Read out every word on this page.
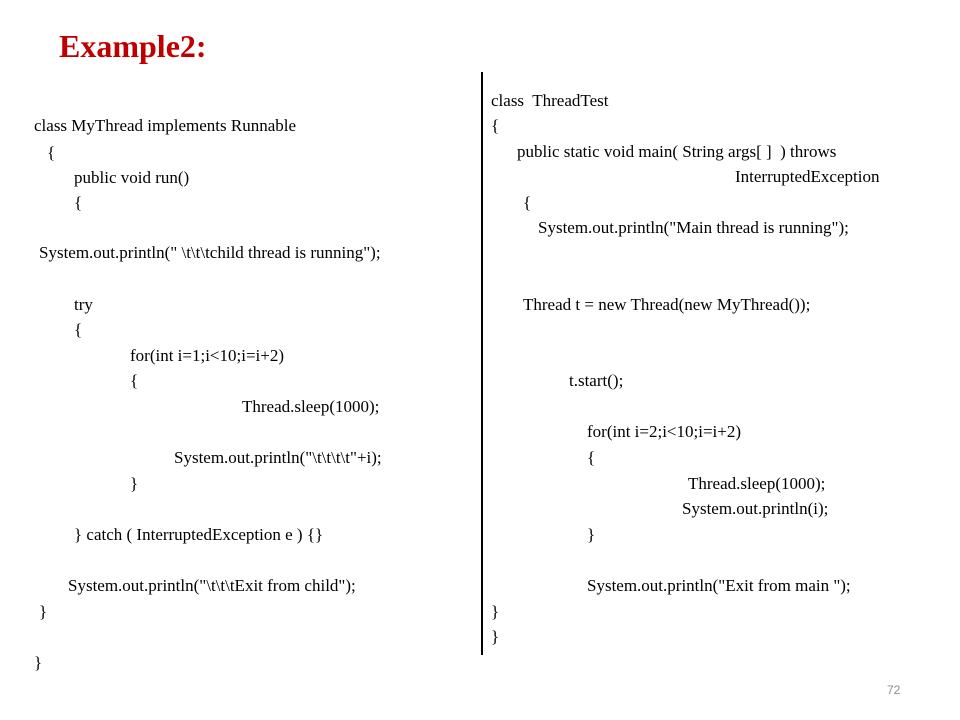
Example2:
class MyThread implements Runnable
{
public void run()
{
System.out.println(" \t\t\tchild thread is running");
try
{
for(int i=1;i<10;i=i+2)
{
Thread.sleep(1000);
System.out.println("\t\t\t\t"+i);
}
} catch ( InterruptedException e ) {}
System.out.println("\t\t\tExit from child");
}
}
class  ThreadTest
{
public static void main( String args[ ]  ) throws
InterruptedException
{
System.out.println("Main thread is running");
Thread t = new Thread(new MyThread());
t.start();
for(int i=2;i<10;i=i+2)
{
Thread.sleep(1000);
System.out.println(i);
}
System.out.println("Exit from main ");
}
}
72
